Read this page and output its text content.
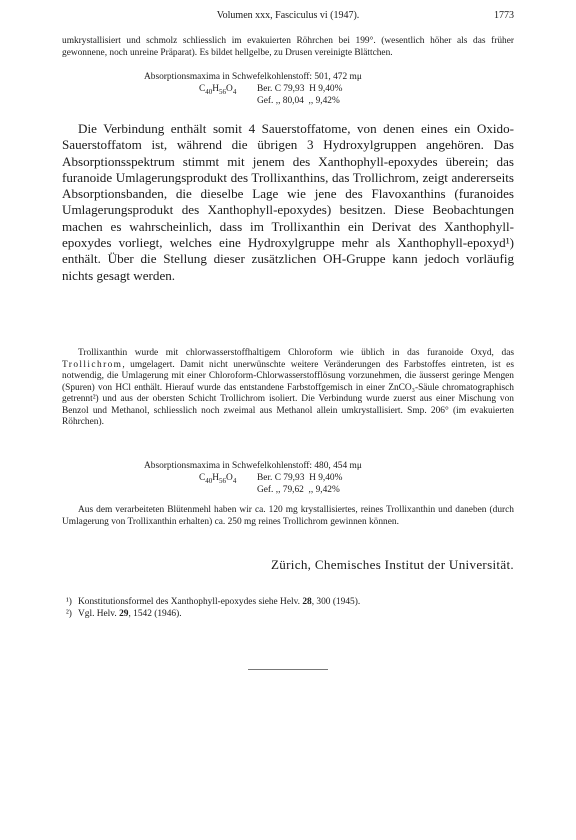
Volumen xxx, Fasciculus vi (1947).	1773

umkrystallisiert und schmolz schliesslich im evakuierten Röhrchen bei 199°. (wesentlich höher als das früher gewonnene, noch unreine Präparat). Es bildet hellgelbe, zu Drusen vereinigte Blättchen.

Absorptionsmaxima in Schwefelkohlenstoff: 501, 472 mμ
$C_{40}H_{56}O_4$ Ber. C 79,93  H 9,40%
Gef. ,, 80,04  ,, 9,42%

Die Verbindung enthält somit 4 Sauerstoffatome, von denen eines ein Oxido-Sauerstoffatom ist, während die übrigen 3 Hydroxylgruppen angehören. Das Absorptionsspektrum stimmt mit jenem des Xanthophyll-epoxydes überein; das furanoide Umlagerungsprodukt des Trollixanthins, das Trollichrom, zeigt andererseits Absorptionsbanden, die dieselbe Lage wie jene des Flavoxanthins (furanoides Umlagerungsprodukt des Xanthophyll-epoxydes) besitzen. Diese Beobachtungen machen es wahrscheinlich, dass im Trollixanthin ein Derivat des Xanthophyll-epoxydes vorliegt, welches eine Hydroxylgruppe mehr als Xanthophyll-epoxyd¹) enthält. Über die Stellung dieser zusätzlichen OH-Gruppe kann jedoch vorläufig nichts gesagt werden.

Trollixanthin wurde mit chlorwasserstoffhaltigem Chloroform wie üblich in das furanoide Oxyd, das Trollichrom, umgelagert. Damit nicht unerwünschte weitere Veränderungen des Farbstoffes eintreten, ist es notwendig, die Umlagerung mit einer Chloroform-Chlorwasserstofflösung vorzunehmen, die äusserst geringe Mengen (Spuren) von HCl enthält. Hierauf wurde das entstandene Farbstoffgemisch in einer ZnCO₃-Säule chromatographisch getrennt²) und aus der obersten Schicht Trollichrom isoliert. Die Verbindung wurde zuerst aus einer Mischung von Benzol und Methanol, schliesslich noch zweimal aus Methanol allein umkrystallisiert. Smp. 206° (im evakuierten Röhrchen).

Absorptionsmaxima in Schwefelkohlenstoff: 480, 454 mμ
$C_{40}H_{56}O_4$ Ber. C 79,93  H 9,40%
Gef. ,, 79,62  ,, 9,42%

Aus dem verarbeiteten Blütenmehl haben wir ca. 120 mg krystallisiertes, reines Trollixanthin und daneben (durch Umlagerung von Trollixanthin erhalten) ca. 250 mg reines Trollichrom gewinnen können.

Zürich, Chemisches Institut der Universität.
¹) Konstitutionsformel des Xanthophyll-epoxydes siehe Helv. 28, 300 (1945).
²) Vgl. Helv. 29, 1542 (1946).
